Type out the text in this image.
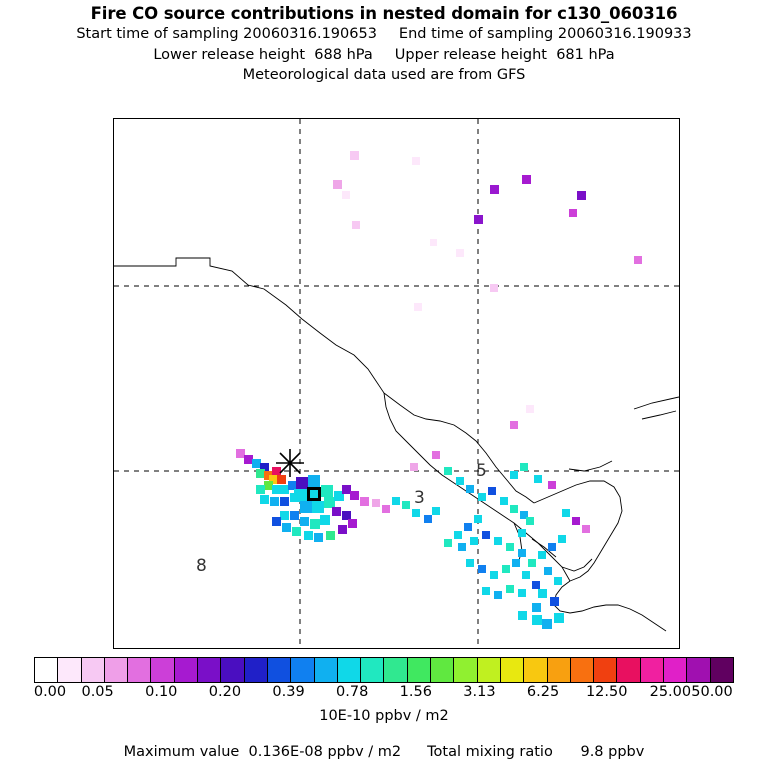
Fire CO source contributions in nested domain for c130_060316
Start time of sampling 20060316.190653 End time of sampling 20060316.190933
Lower release height  688 hPa Upper release height  681 hPa
Meteorological data used are from GFS
8
3
5
0.00 0.05 0.10 0.20 0.39 0.78 1.56 3.13 6.25 12.50 25.00 50.00
10E-10 ppbv / m2
Maximum value  0.136E-08 ppbv / m2 Total mixing ratio      9.8 ppbv
